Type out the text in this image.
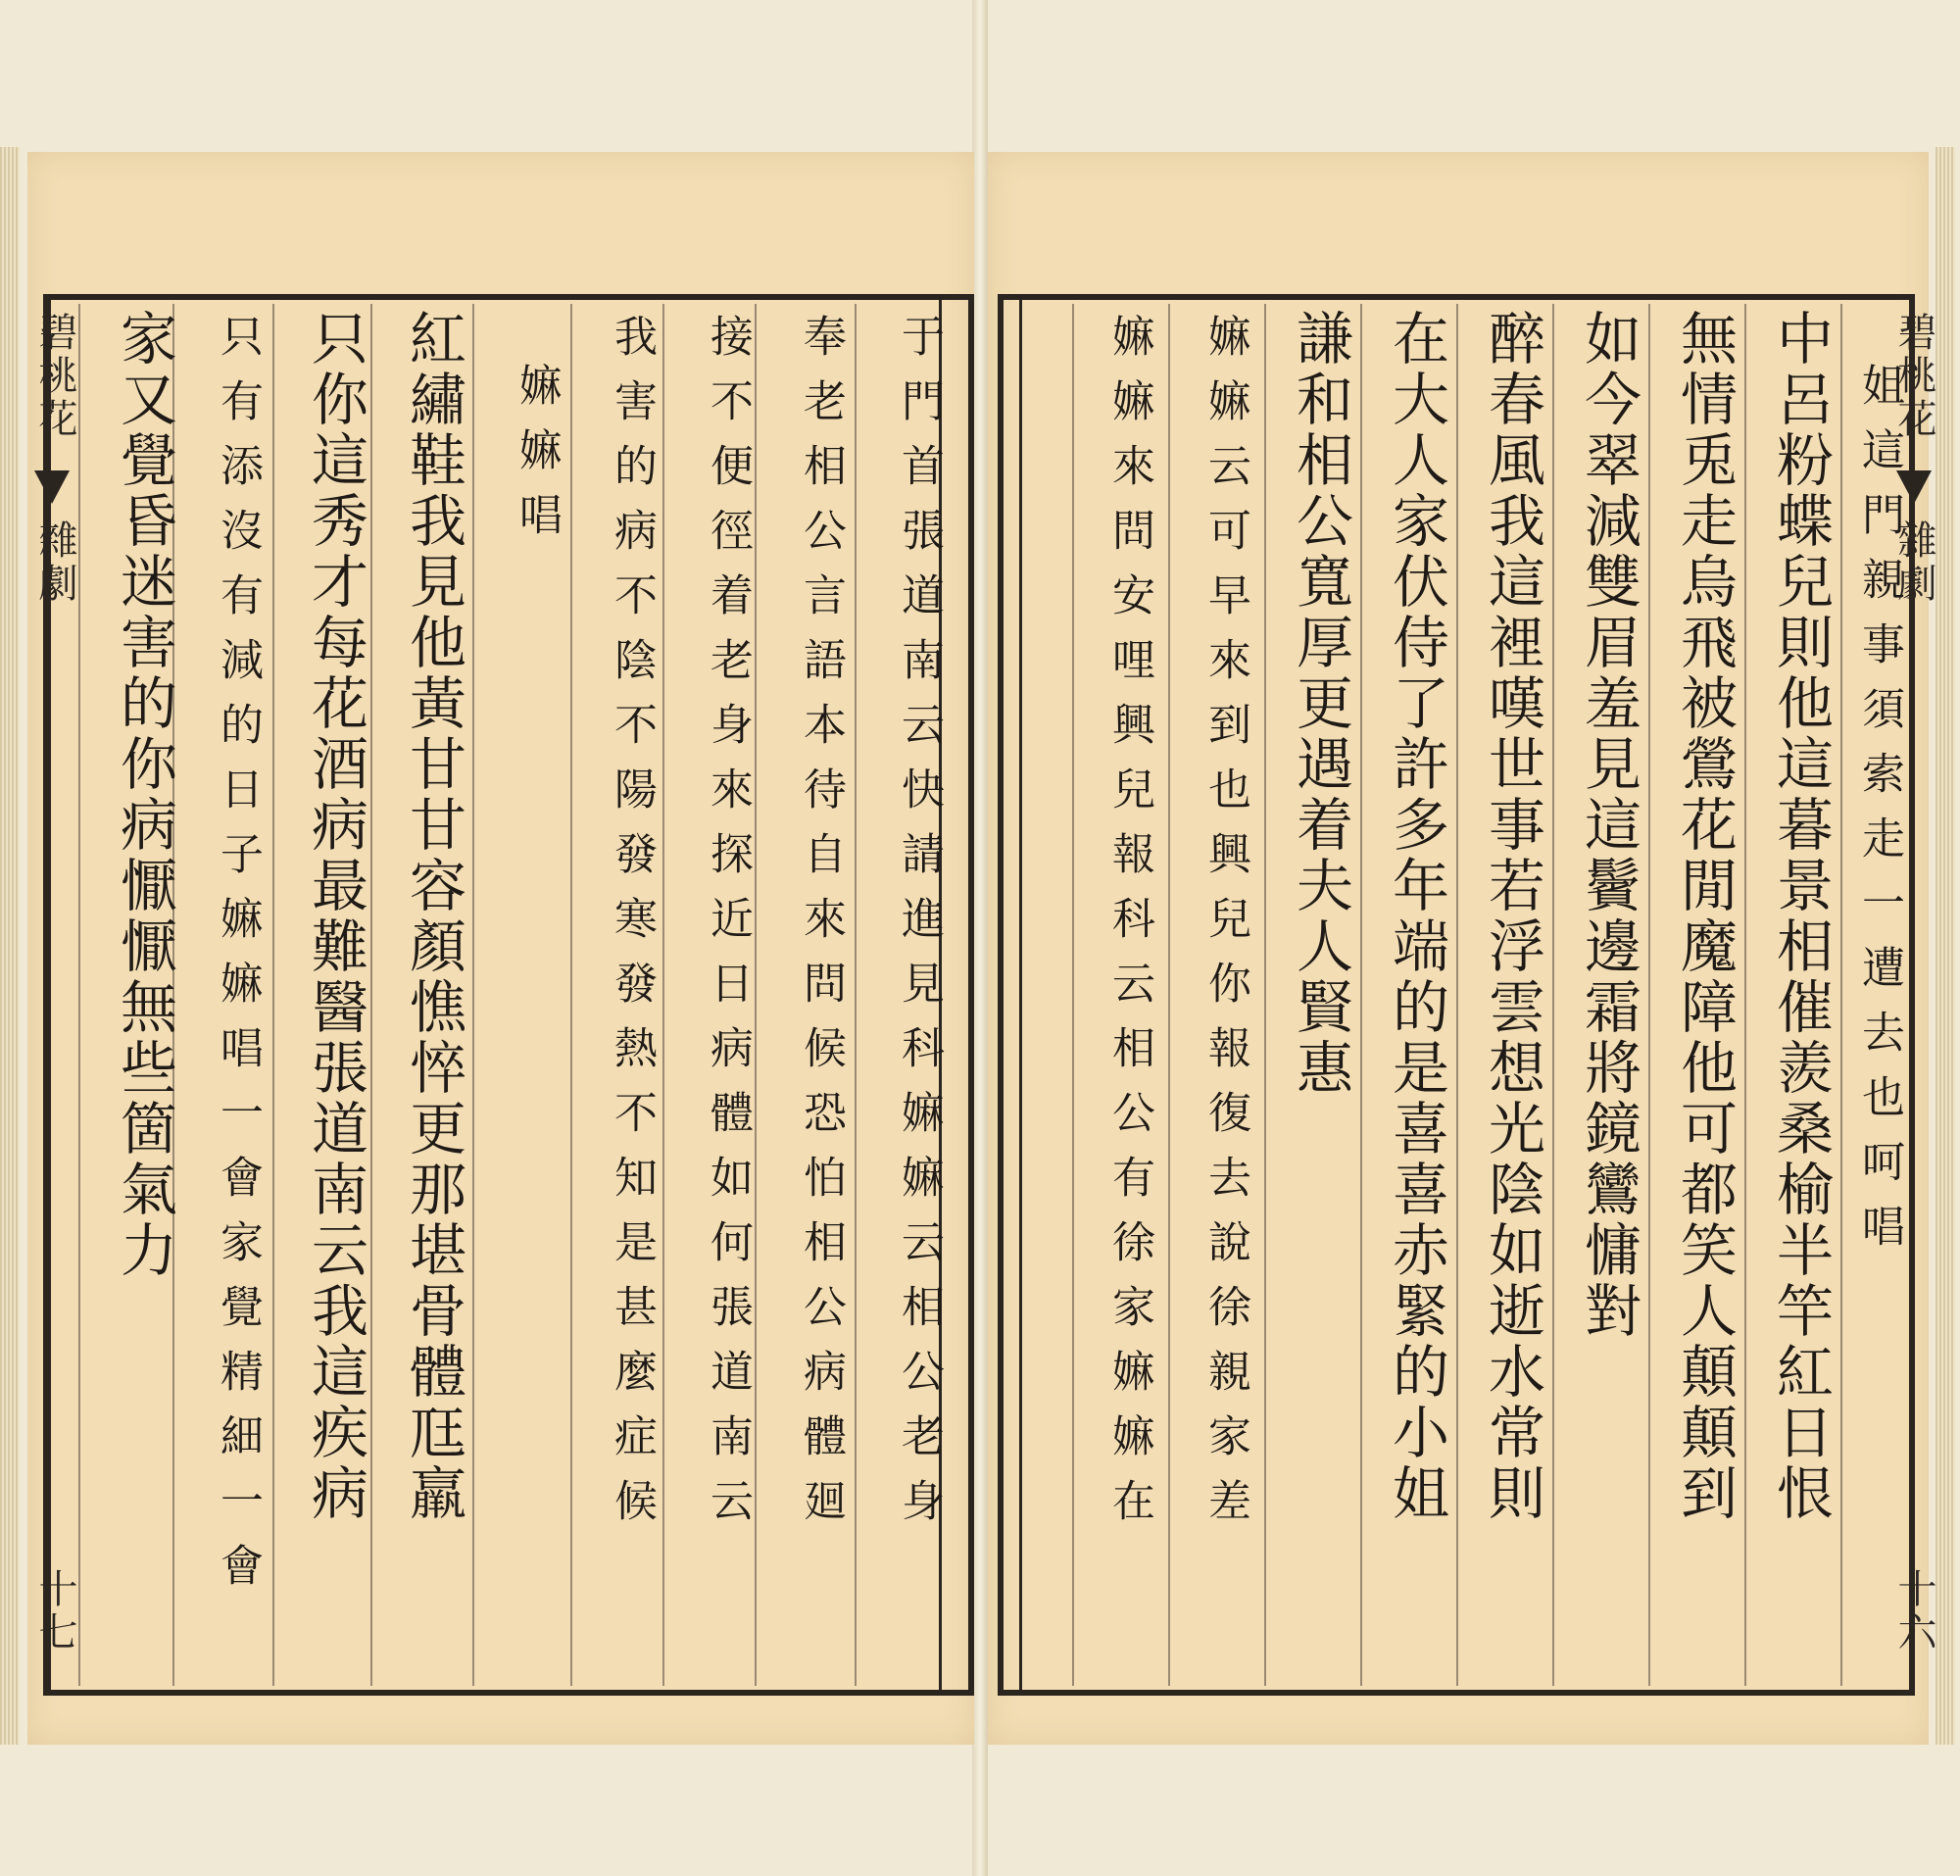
碧桃花
雜劇
十七
于門首張道南云快請進見科嫲嫲云相公老身
奉老相公言語本待自來問候恐怕相公病體廻
接不便徑着老身來探近日病體如何張道南云
我害的病不陰不陽發寒發熱不知是甚麼症候
嫲嫲唱
紅繡鞋我見他黃甘甘容顏憔悴更那堪骨體尫羸
只你這秀才每花酒病最難醫張道南云我這疾病
只有添沒有減的日子嫲嫲唱一會家覺精細一會
家又覺昏迷害的你病懨懨無些箇氣力	碧桃花
雜劇
十六
姐這門親事須索走一遭去也呵唱
中呂粉蝶兒則他這暮景相催羨桑榆半竿紅日恨
無情兎走烏飛被鶯花閒魔障他可都笑人顛顛到
如今翠減雙眉羞見這鬢邊霜將鏡鸞慵對
醉春風我這裡嘆世事若浮雲想光陰如逝水常則
在大人家伏侍了許多年端的是喜喜赤緊的小姐
謙和相公寬厚更遇着夫人賢惠
嫲嫲云可早來到也興兒你報復去說徐親家差
嫲嫲來問安哩興兒報科云相公有徐家嫲嫲在
